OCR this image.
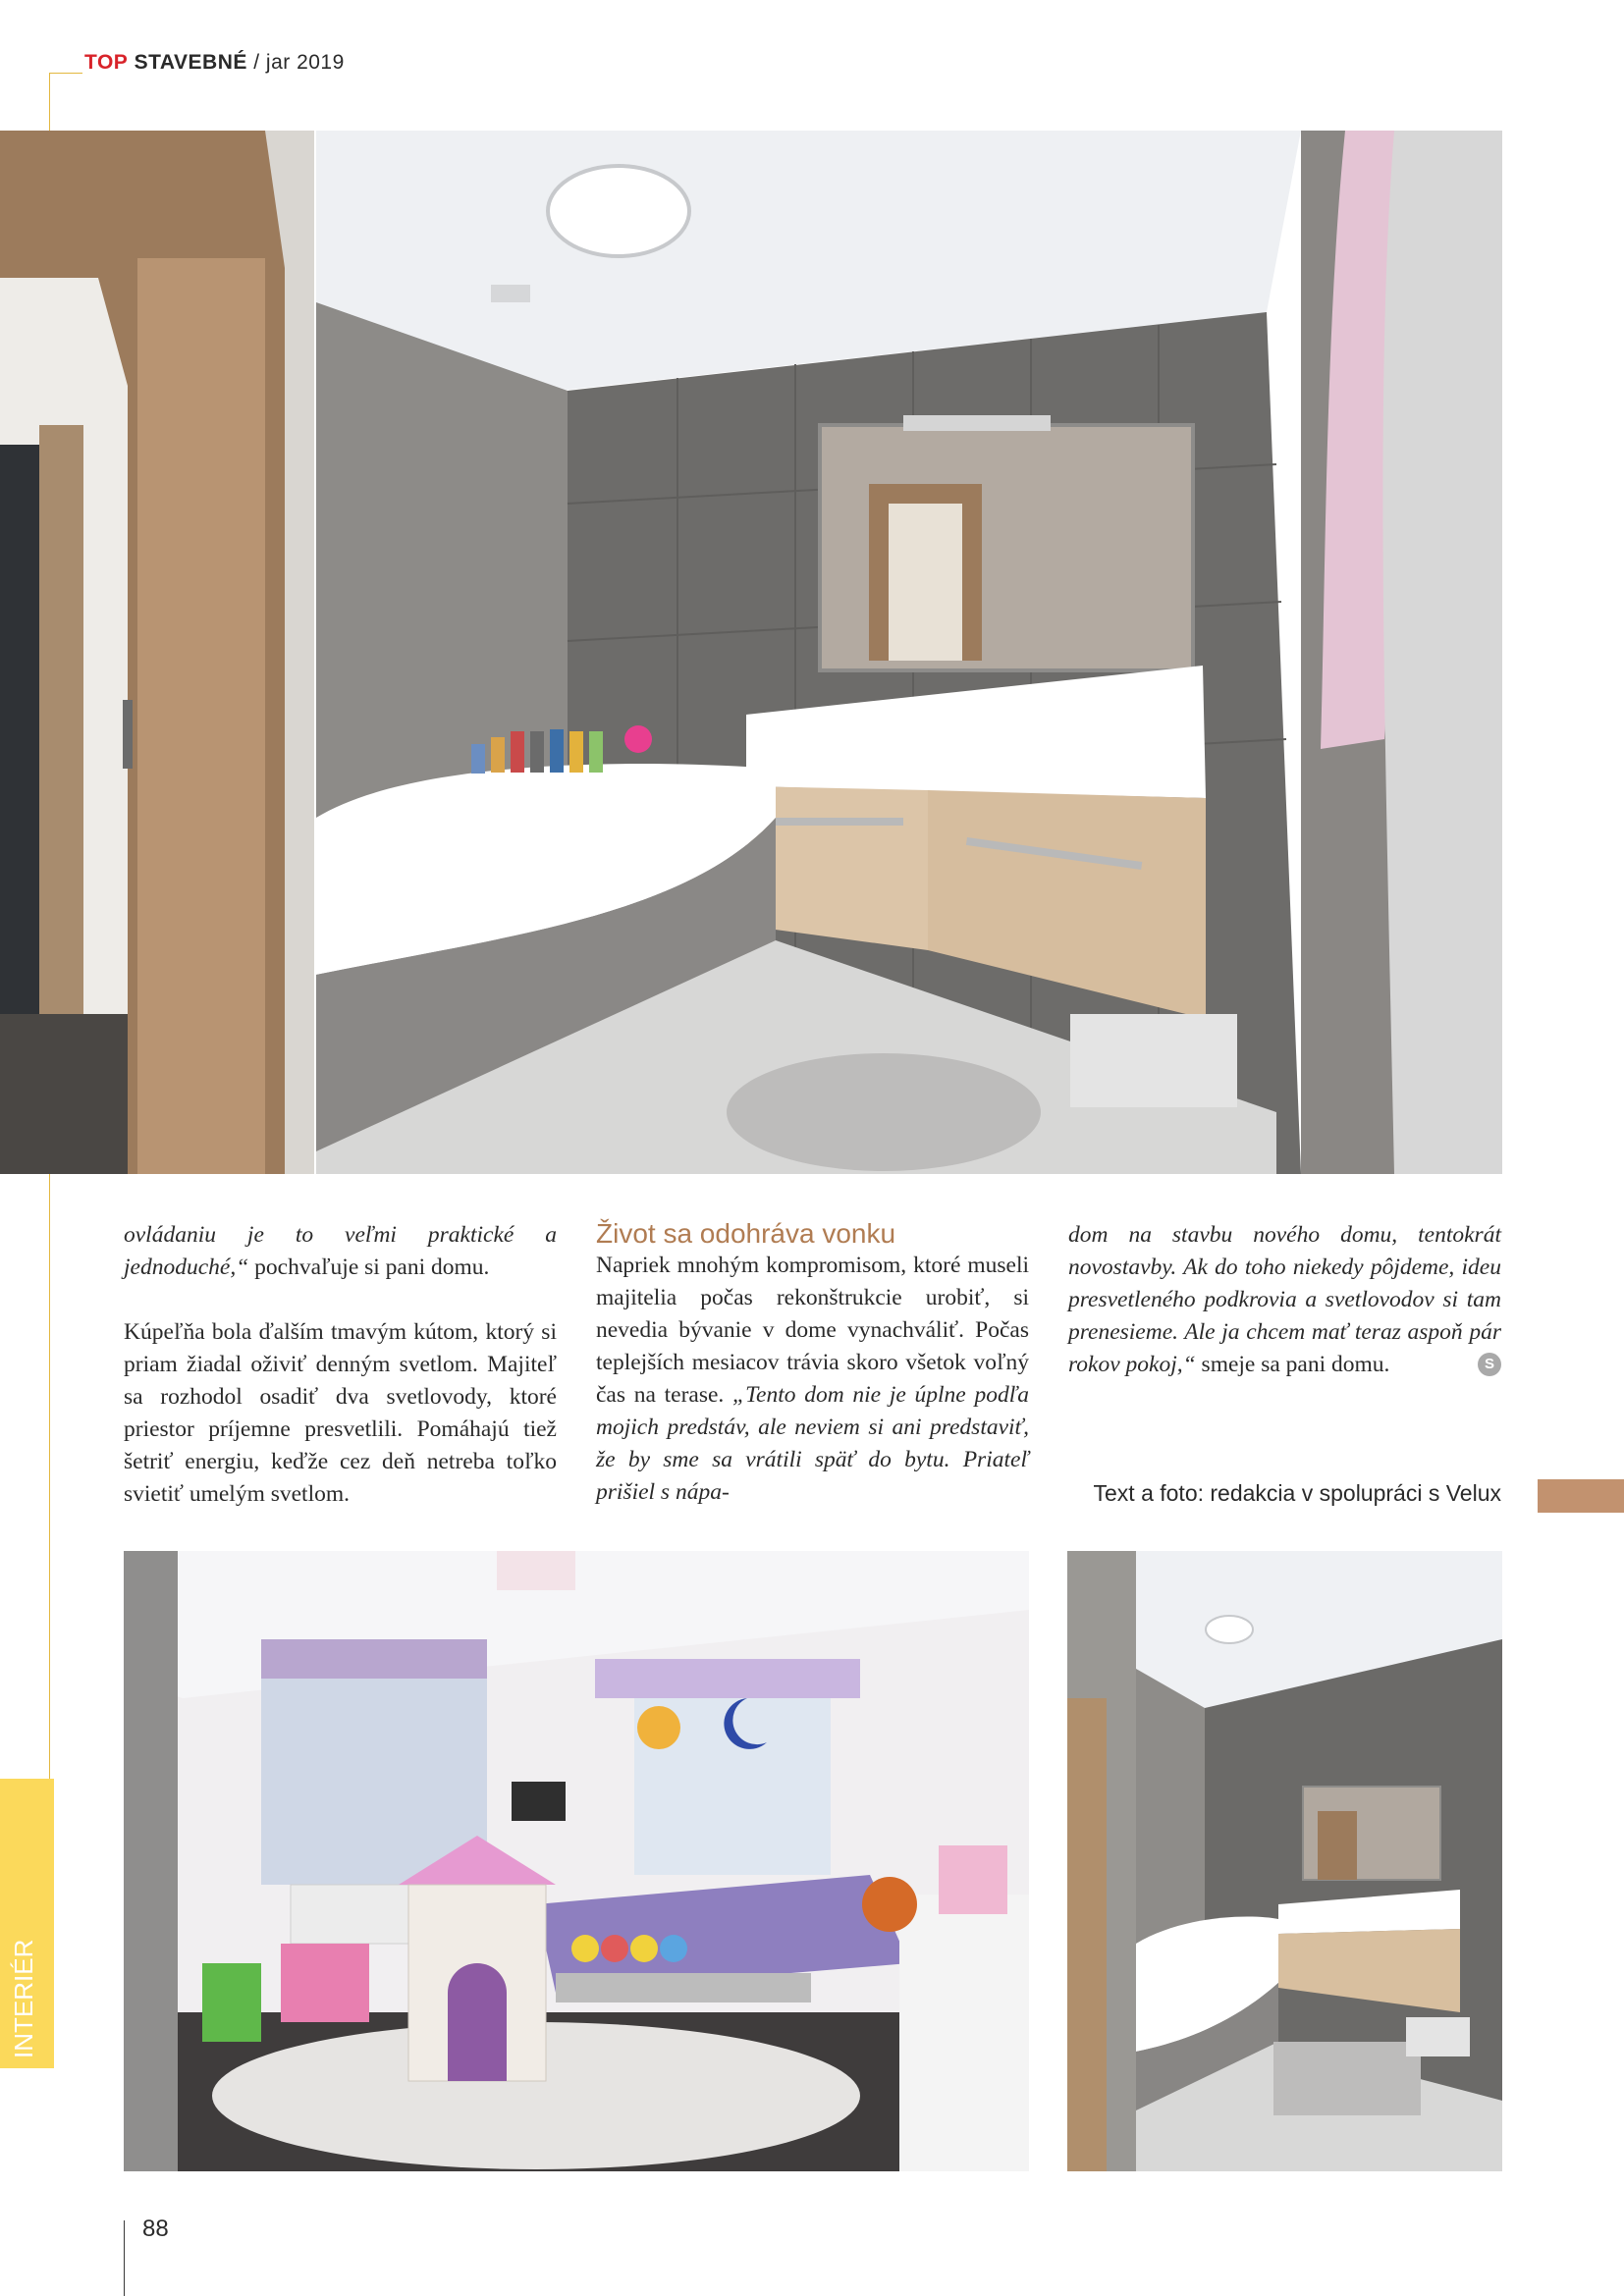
TOP STAVEBNÉ / jar 2019

ovládaniu je to veľmi praktické a jednoduché,“ pochvaľuje si pani domu.

Kúpeľňa bola ďalším tmavým kútom, ktorý si priam žiadal oživiť denným svetlom. Majiteľ sa rozhodol osadiť dva svetlovody, ktoré priestor príjemne presvetlili. Pomáhajú tiež šetriť energiu, keďže cez deň netreba toľko svietiť umelým svetlom.

Život sa odohráva vonku

Napriek mnohým kompromisom, ktoré museli majitelia počas rekonštrukcie urobiť, si nevedia bývanie v dome vynachváliť. Počas teplejších mesiacov trávia skoro všetok voľný čas na terase. „Tento dom nie je úplne podľa mojich predstáv, ale neviem si ani predstaviť, že by sme sa vrátili späť do bytu. Priateľ prišiel s nápa-

dom na stavbu nového domu, tentokrát novostavby. Ak do toho niekedy pôjdeme, ideu presvetleného podkrovia a svetlovodov si tam prenesieme. Ale ja chcem mať teraz aspoň pár rokov pokoj,“ smeje sa pani domu.	S

Text a foto: redakcia v spolupráci s Velux
INTERIÉR
88
